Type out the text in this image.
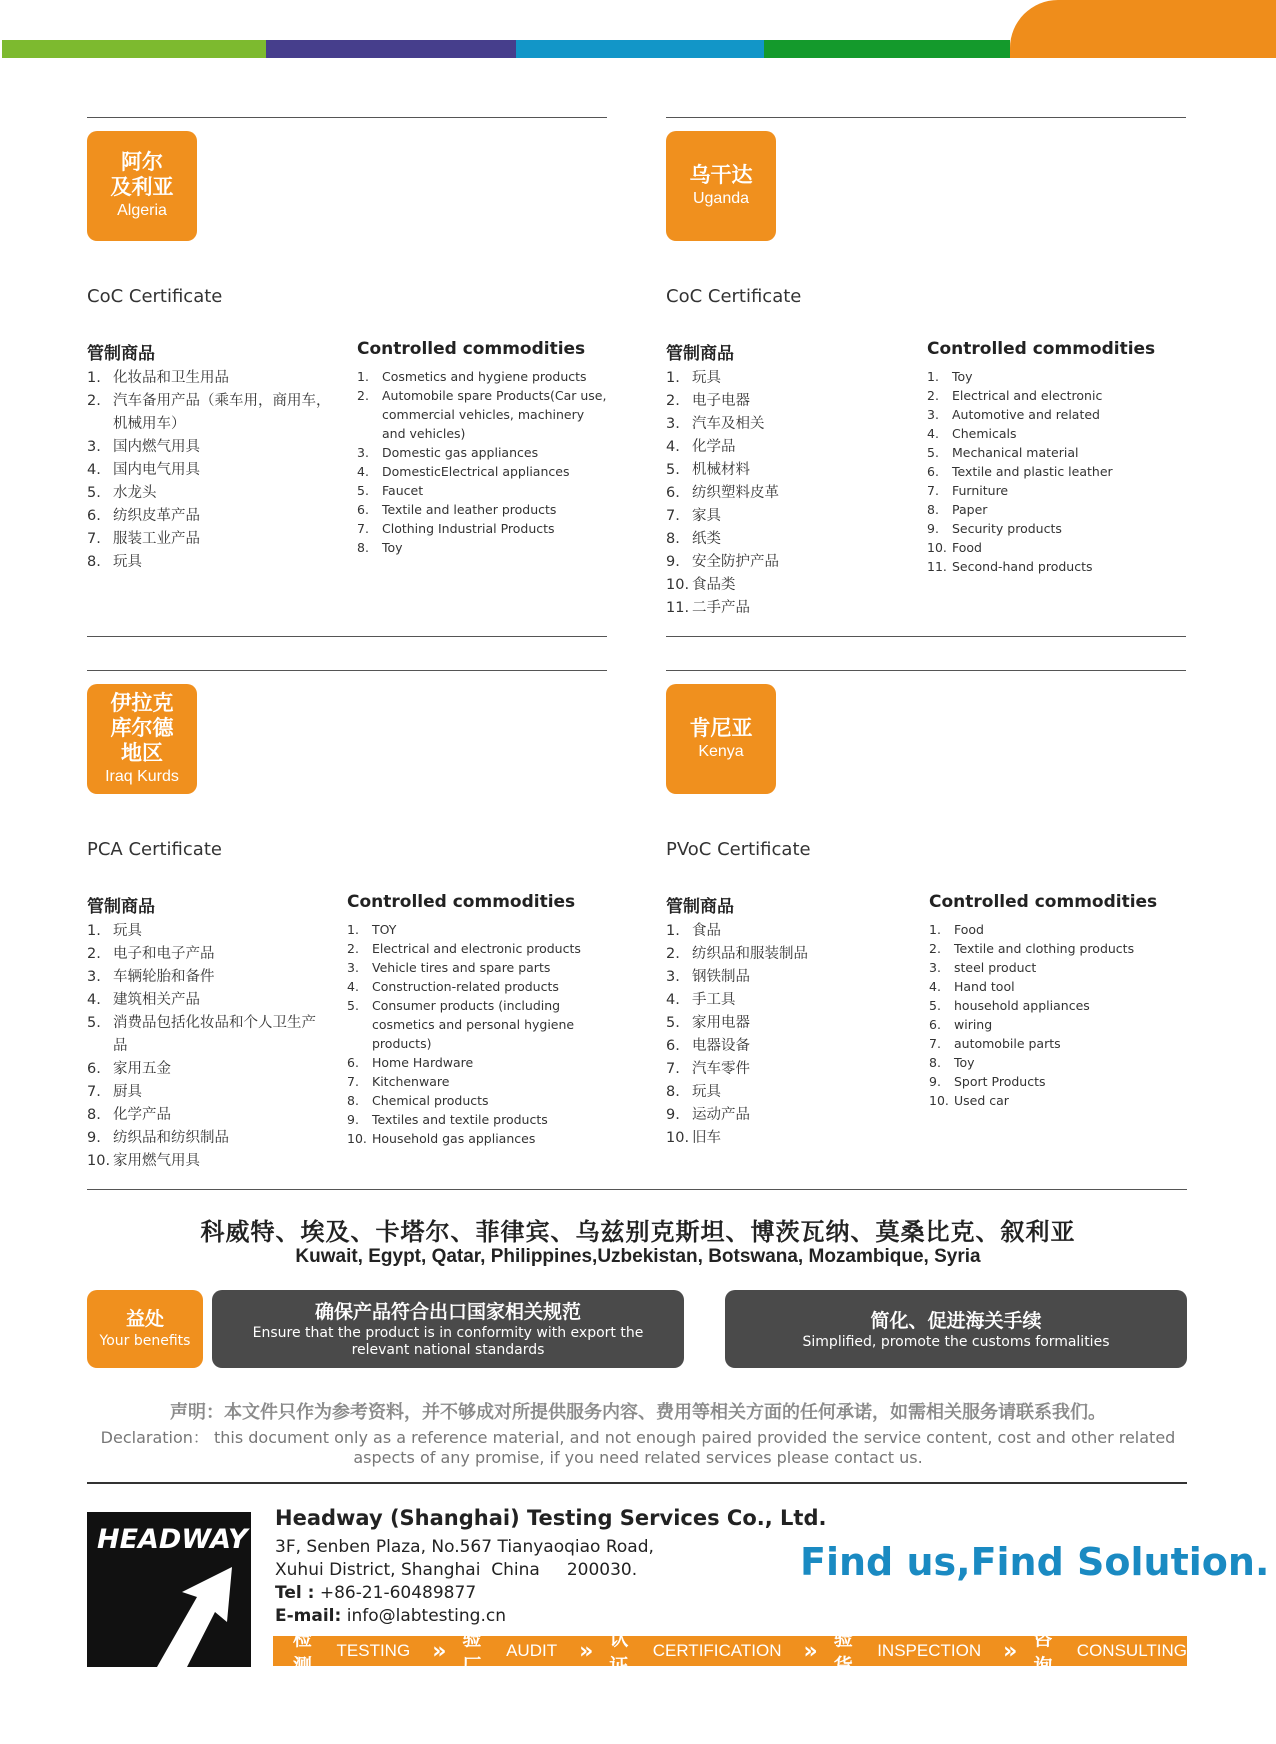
阿尔
及利亚
Algeria
CoC Certificate
管制商品	Controlled commodities
1. 化妆品和卫生用品
2. 汽车备用产品（乘车用，商用车，机械用车）
3. 国内燃气用具
4. 国内电气用具
5. 水龙头
6. 纺织皮革产品
7. 服装工业产品
8. 玩具
1.	Cosmetics and hygiene products
2.	Automobile spare Products(Car use, commercial vehicles, machinery and vehicles)
3.	Domestic gas appliances
4.	DomesticElectrical appliances
5.	Faucet
6.	Textile and leather products
7.	Clothing Industrial Products
8.	Toy
乌干达
Uganda
CoC Certificate
管制商品	Controlled commodities
1. 玩具
2. 电子电器
3. 汽车及相关
4. 化学品
5. 机械材料
6. 纺织塑料皮革
7. 家具
8. 纸类
9. 安全防护产品
10. 食品类
11. 二手产品
1.	Toy
2.	Electrical and electronic
3.	Automotive and related
4.	Chemicals
5.	Mechanical material
6.	Textile and plastic leather
7.	Furniture
8.	Paper
9.	Security products
10. Food
11. Second-hand products
伊拉克
库尔德
地区
Iraq Kurds
PCA Certificate
管制商品	Controlled commodities
1. 玩具
2. 电子和电子产品
3. 车辆轮胎和备件
4. 建筑相关产品
5. 消费品包括化妆品和个人卫生产品
6. 家用五金
7. 厨具
8. 化学产品
9. 纺织品和纺织制品
10. 家用燃气用具
1.	TOY
2.	Electrical and electronic products
3.	Vehicle tires and spare parts
4.	Construction-related products
5.	Consumer products (including cosmetics and personal hygiene products)
6.	Home Hardware
7.	Kitchenware
8.	Chemical products
9.	Textiles and textile products
10. Household gas appliances
肯尼亚
Kenya
PVoC Certificate
管制商品	Controlled commodities
1. 食品
2. 纺织品和服装制品
3. 钢铁制品
4. 手工具
5. 家用电器
6. 电器设备
7. 汽车零件
8. 玩具
9. 运动产品
10. 旧车
1.	Food
2.	Textile and clothing products
3.	steel product
4.	Hand tool
5.	household appliances
6.	wiring
7.	automobile parts
8.	Toy
9.	Sport Products
10. Used car
科威特、埃及、卡塔尔、菲律宾、乌兹别克斯坦、博茨瓦纳、莫桑比克、叙利亚
Kuwait, Egypt, Qatar, Philippines,Uzbekistan, Botswana, Mozambique, Syria
益处
Your benefits
确保产品符合出口国家相关规范
Ensure that the product is in conformity with export the relevant national standards
简化、促进海关手续
Simplified, promote the customs formalities
声明：本文件只作为参考资料，并不够成对所提供服务内容、费用等相关方面的任何承诺，如需相关服务请联系我们。
Declaration： this document only as a reference material, and not enough paired provided the service content, cost and other related aspects of any promise, if you need related services please contact us.
HEADWAY
Headway (Shanghai) Testing Services Co., Ltd.
3F, Senben Plaza, No.567 Tianyaoqiao Road,
Xuhui District, Shanghai  China     200030.
Tel : +86-21-60489877
E-mail: info@labtesting.cn
Find us,Find Solution.
检测
TESTING » 验厂
AUDIT » 认证
CERTIFICATION » 验货
INSPECTION » 咨询
CONSULTING
